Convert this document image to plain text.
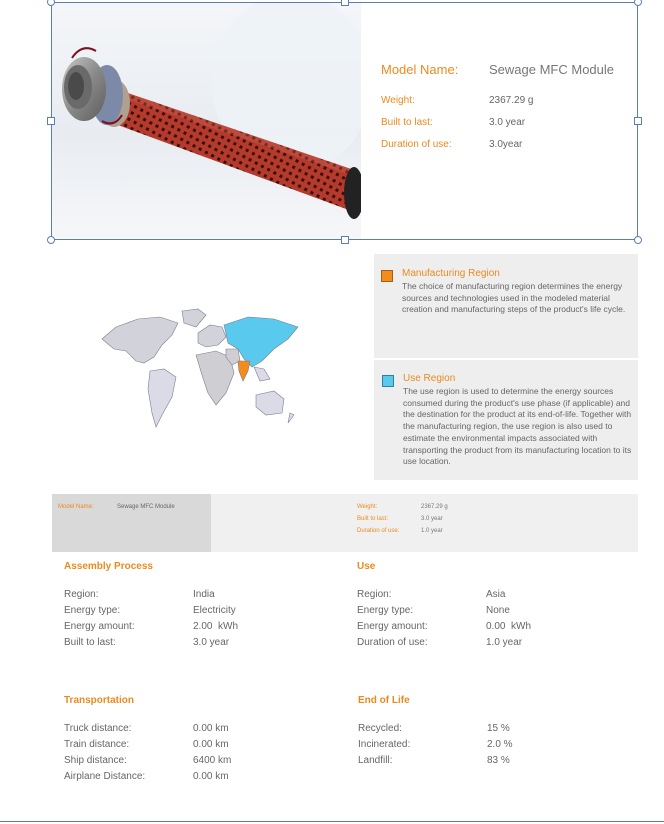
Model Name: Sewage MFC Module
Weight:	2367.29 g
Built to last:	3.0 year
Duration of use:	3.0year
Manufacturing Region
The choice of manufacturing region determines the energy
sources and technologies used in the modeled material
creation and manufacturing steps of the product's life cycle.
Use Region
The use region is used to determine the energy sources
consumed during the product's use phase (if applicable) and
the destination for the product at its end-of-life. Together with
the manufacturing region, the use region is also used to
estimate the environmental impacts associated with
transporting the product from its manufacturing location to its
use location.
Model Name:	Sewage MFC Module	Weight:	2367.29 g
Built to last:	3.0 year
Duration of use:	1.0 year
Assembly Process
Region:	India
Energy type:	Electricity
Energy amount:	2.00  kWh
Built to last:	3.0 year
Use
Region:	Asia
Energy type:	None
Energy amount:	0.00  kWh
Duration of use:	1.0 year
Transportation
Truck distance:	0.00 km
Train distance:	0.00 km
Ship distance:	6400 km
Airplane Distance:	0.00 km
End of Life
Recycled:	15 %
Incinerated:	2.0 %
Landfill:	83 %
